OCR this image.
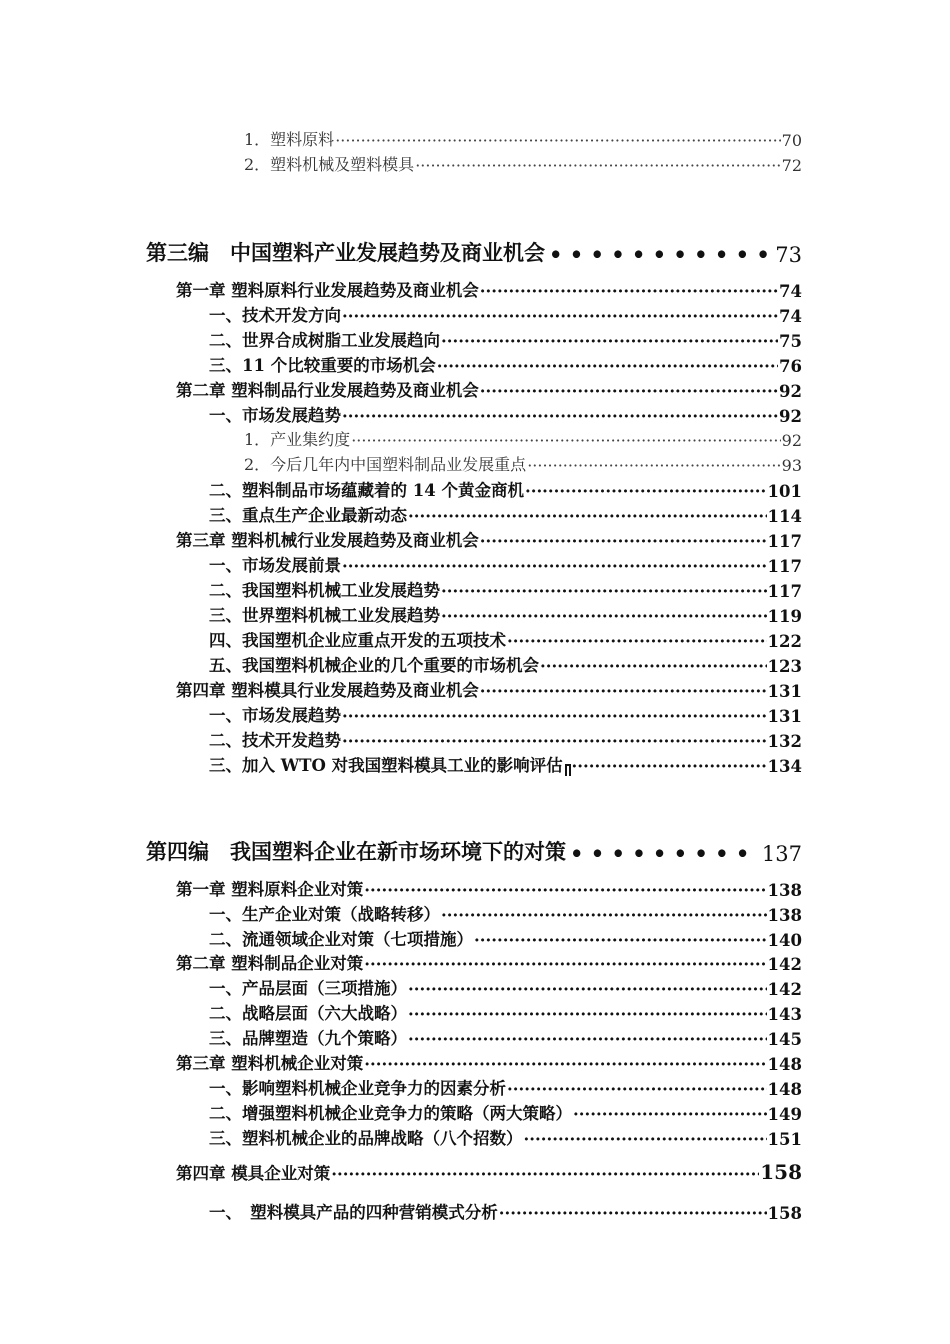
1．塑料原料 ·····	70
2．塑料机械及塑料模具 ·····	72
第三编　中国塑料产业发展趋势及商业机会 • • •	73
第一章 塑料原料行业发展趋势及商业机会 ·····	74
一、技术开发方向 ·····	74
二、世界合成树脂工业发展趋向 ·····	75
三、11 个比较重要的市场机会 ·····	76
第二章 塑料制品行业发展趋势及商业机会 ·····	92
一、市场发展趋势 ·····	92
1．产业集约度 ·····	92
2．今后几年内中国塑料制品业发展重点 ·····	93
二、塑料制品市场蕴藏着的 14 个黄金商机 ·····	101
三、重点生产企业最新动态 ·····	114
第三章 塑料机械行业发展趋势及商业机会 ·····	117
一、市场发展前景 ·····	117
二、我国塑料机械工业发展趋势 ·····	117
三、世界塑料机械工业发展趋势 ·····	119
四、我国塑机企业应重点开发的五项技术 ·····	122
五、我国塑料机械企业的几个重要的市场机会 ·····	123
第四章 塑料模具行业发展趋势及商业机会 ·····	131
一、市场发展趋势 ·····	131
二、技术开发趋势 ·····	132
三、加入 WTO 对我国塑料模具工业的影响评估 ·····	134
第四编　我国塑料企业在新市场环境下的对策 • • •	137
第一章 塑料原料企业对策 ·····	138
一、生产企业对策（战略转移） ·····	138
二、流通领域企业对策（七项措施） ·····	140
第二章 塑料制品企业对策 ·····	142
一、产品层面（三项措施） ·····	142
二、战略层面（六大战略） ·····	143
三、品牌塑造（九个策略） ·····	145
第三章 塑料机械企业对策 ·····	148
一、影响塑料机械企业竞争力的因素分析 ·····	148
二、增强塑料机械企业竞争力的策略（两大策略） ·····	149
三、塑料机械企业的品牌战略（八个招数） ·····	151
第四章 模具企业对策 ·····	158
一、　塑料模具产品的四种营销模式分析 ·····	158
